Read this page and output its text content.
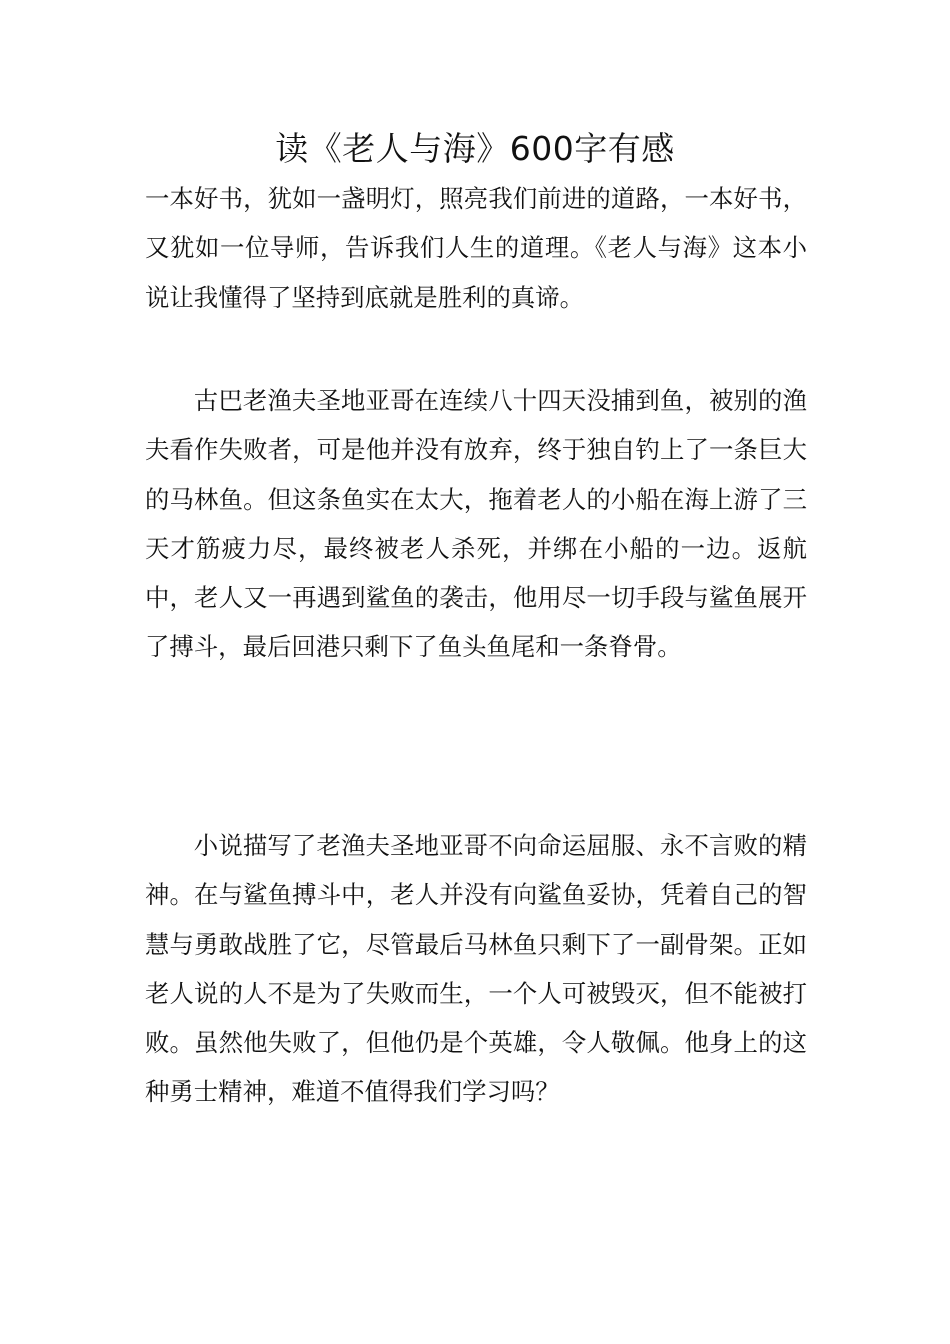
读《老人与海》600字有感

一本好书，犹如一盏明灯，照亮我们前进的道路，一本好书，又犹如一位导师，告诉我们人生的道理。《老人与海》这本小说让我懂得了坚持到底就是胜利的真谛。

古巴老渔夫圣地亚哥在连续八十四天没捕到鱼，被别的渔夫看作失败者，可是他并没有放弃，终于独自钓上了一条巨大的马林鱼。但这条鱼实在太大，拖着老人的小船在海上游了三天才筋疲力尽，最终被老人杀死，并绑在小船的一边。返航中，老人又一再遇到鲨鱼的袭击，他用尽一切手段与鲨鱼展开了搏斗，最后回港只剩下了鱼头鱼尾和一条脊骨。

小说描写了老渔夫圣地亚哥不向命运屈服、永不言败的精神。在与鲨鱼搏斗中，老人并没有向鲨鱼妥协，凭着自己的智慧与勇敢战胜了它，尽管最后马林鱼只剩下了一副骨架。正如老人说的人不是为了失败而生，一个人可被毁灭，但不能被打败。虽然他失败了，但他仍是个英雄，令人敬佩。他身上的这种勇士精神，难道不值得我们学习吗？
